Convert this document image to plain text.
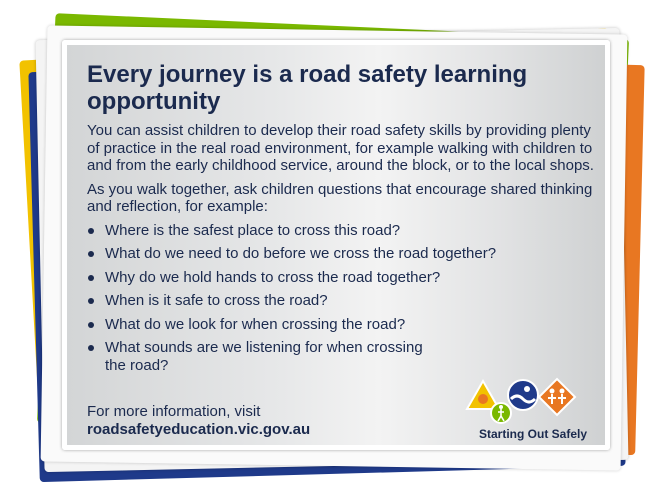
Every journey is a road safety learning opportunity

You can assist children to develop their road safety skills by providing plenty of practice in the real road environment, for example walking with children to and from the early childhood service, around the block, or to the local shops.

As you walk together, ask children questions that encourage shared thinking and reflection, for example:

Where is the safest place to cross this road?
What do we need to do before we cross the road together?
Why do we hold hands to cross the road together?
When is it safe to cross the road?
What do we look for when crossing the road?
What sounds are we listening for when crossing the road?
For more information, visit
roadsafetyeducation.vic.gov.au	Starting Out Safely
